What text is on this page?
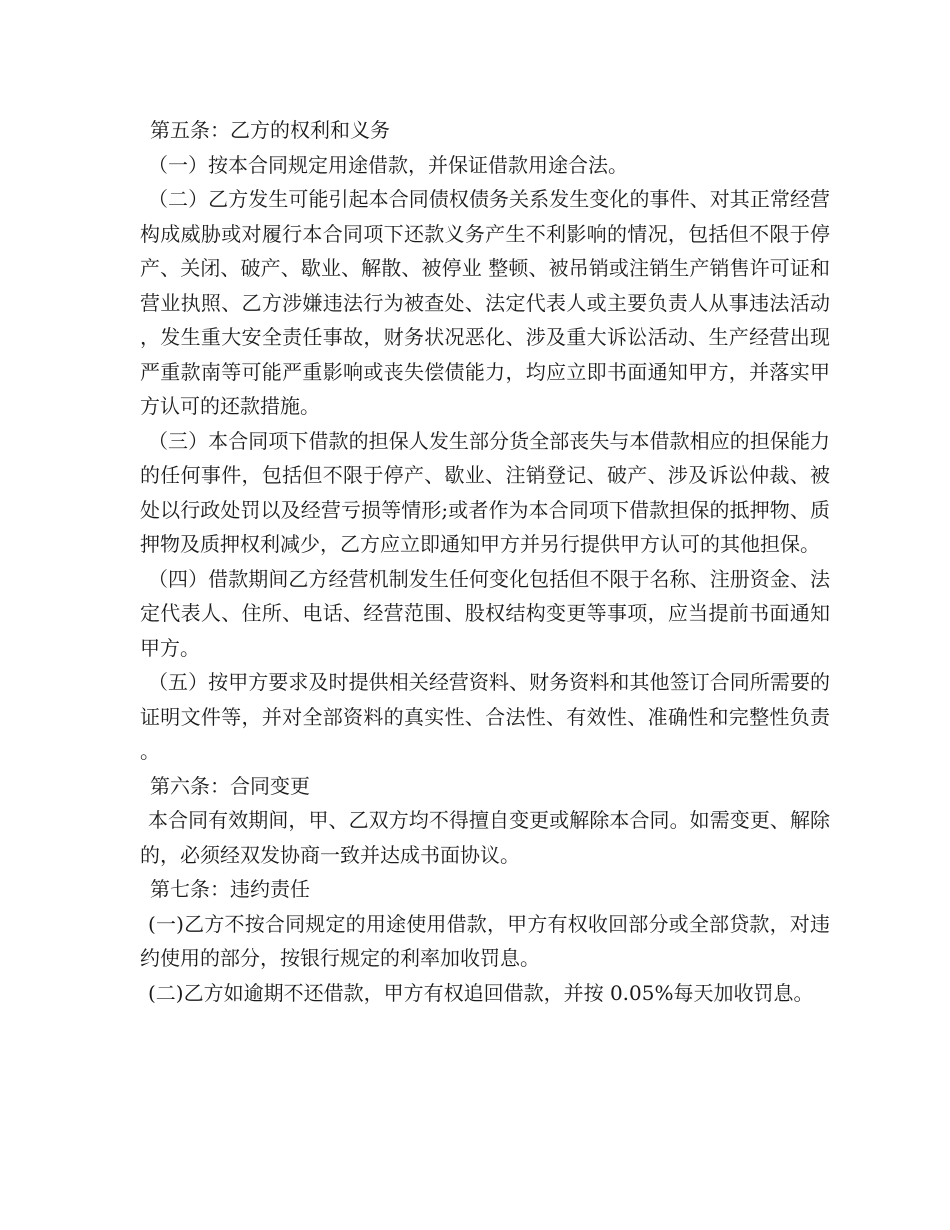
第五条：乙方的权利和义务

（一）按本合同规定用途借款，并保证借款用途合法。

（二）乙方发生可能引起本合同债权债务关系发生变化的事件、对其正常经营构成威胁或对履行本合同项下还款义务产生不利影响的情况，包括但不限于停产、关闭、破产、歇业、解散、被停业 整顿、被吊销或注销生产销售许可证和营业执照、乙方涉嫌违法行为被查处、法定代表人或主要负责人从事违法活动，发生重大安全责任事故，财务状况恶化、涉及重大诉讼活动、生产经营出现严重款南等可能严重影响或丧失偿债能力，均应立即书面通知甲方，并落实甲方认可的还款措施。

（三）本合同项下借款的担保人发生部分货全部丧失与本借款相应的担保能力的任何事件，包括但不限于停产、歇业、注销登记、破产、涉及诉讼仲裁、被处以行政处罚以及经营亏损等情形;或者作为本合同项下借款担保的抵押物、质押物及质押权利减少，乙方应立即通知甲方并另行提供甲方认可的其他担保。

（四）借款期间乙方经营机制发生任何变化包括但不限于名称、注册资金、法定代表人、住所、电话、经营范围、股权结构变更等事项，应当提前书面通知甲方。

（五）按甲方要求及时提供相关经营资料、财务资料和其他签订合同所需要的证明文件等，并对全部资料的真实性、合法性、有效性、准确性和完整性负责。

第六条：合同变更

本合同有效期间，甲、乙双方均不得擅自变更或解除本合同。如需变更、解除的，必须经双发协商一致并达成书面协议。

第七条：违约责任

(一)乙方不按合同规定的用途使用借款，甲方有权收回部分或全部贷款，对违约使用的部分，按银行规定的利率加收罚息。

(二)乙方如逾期不还借款，甲方有权追回借款，并按 0.05%每天加收罚息。
